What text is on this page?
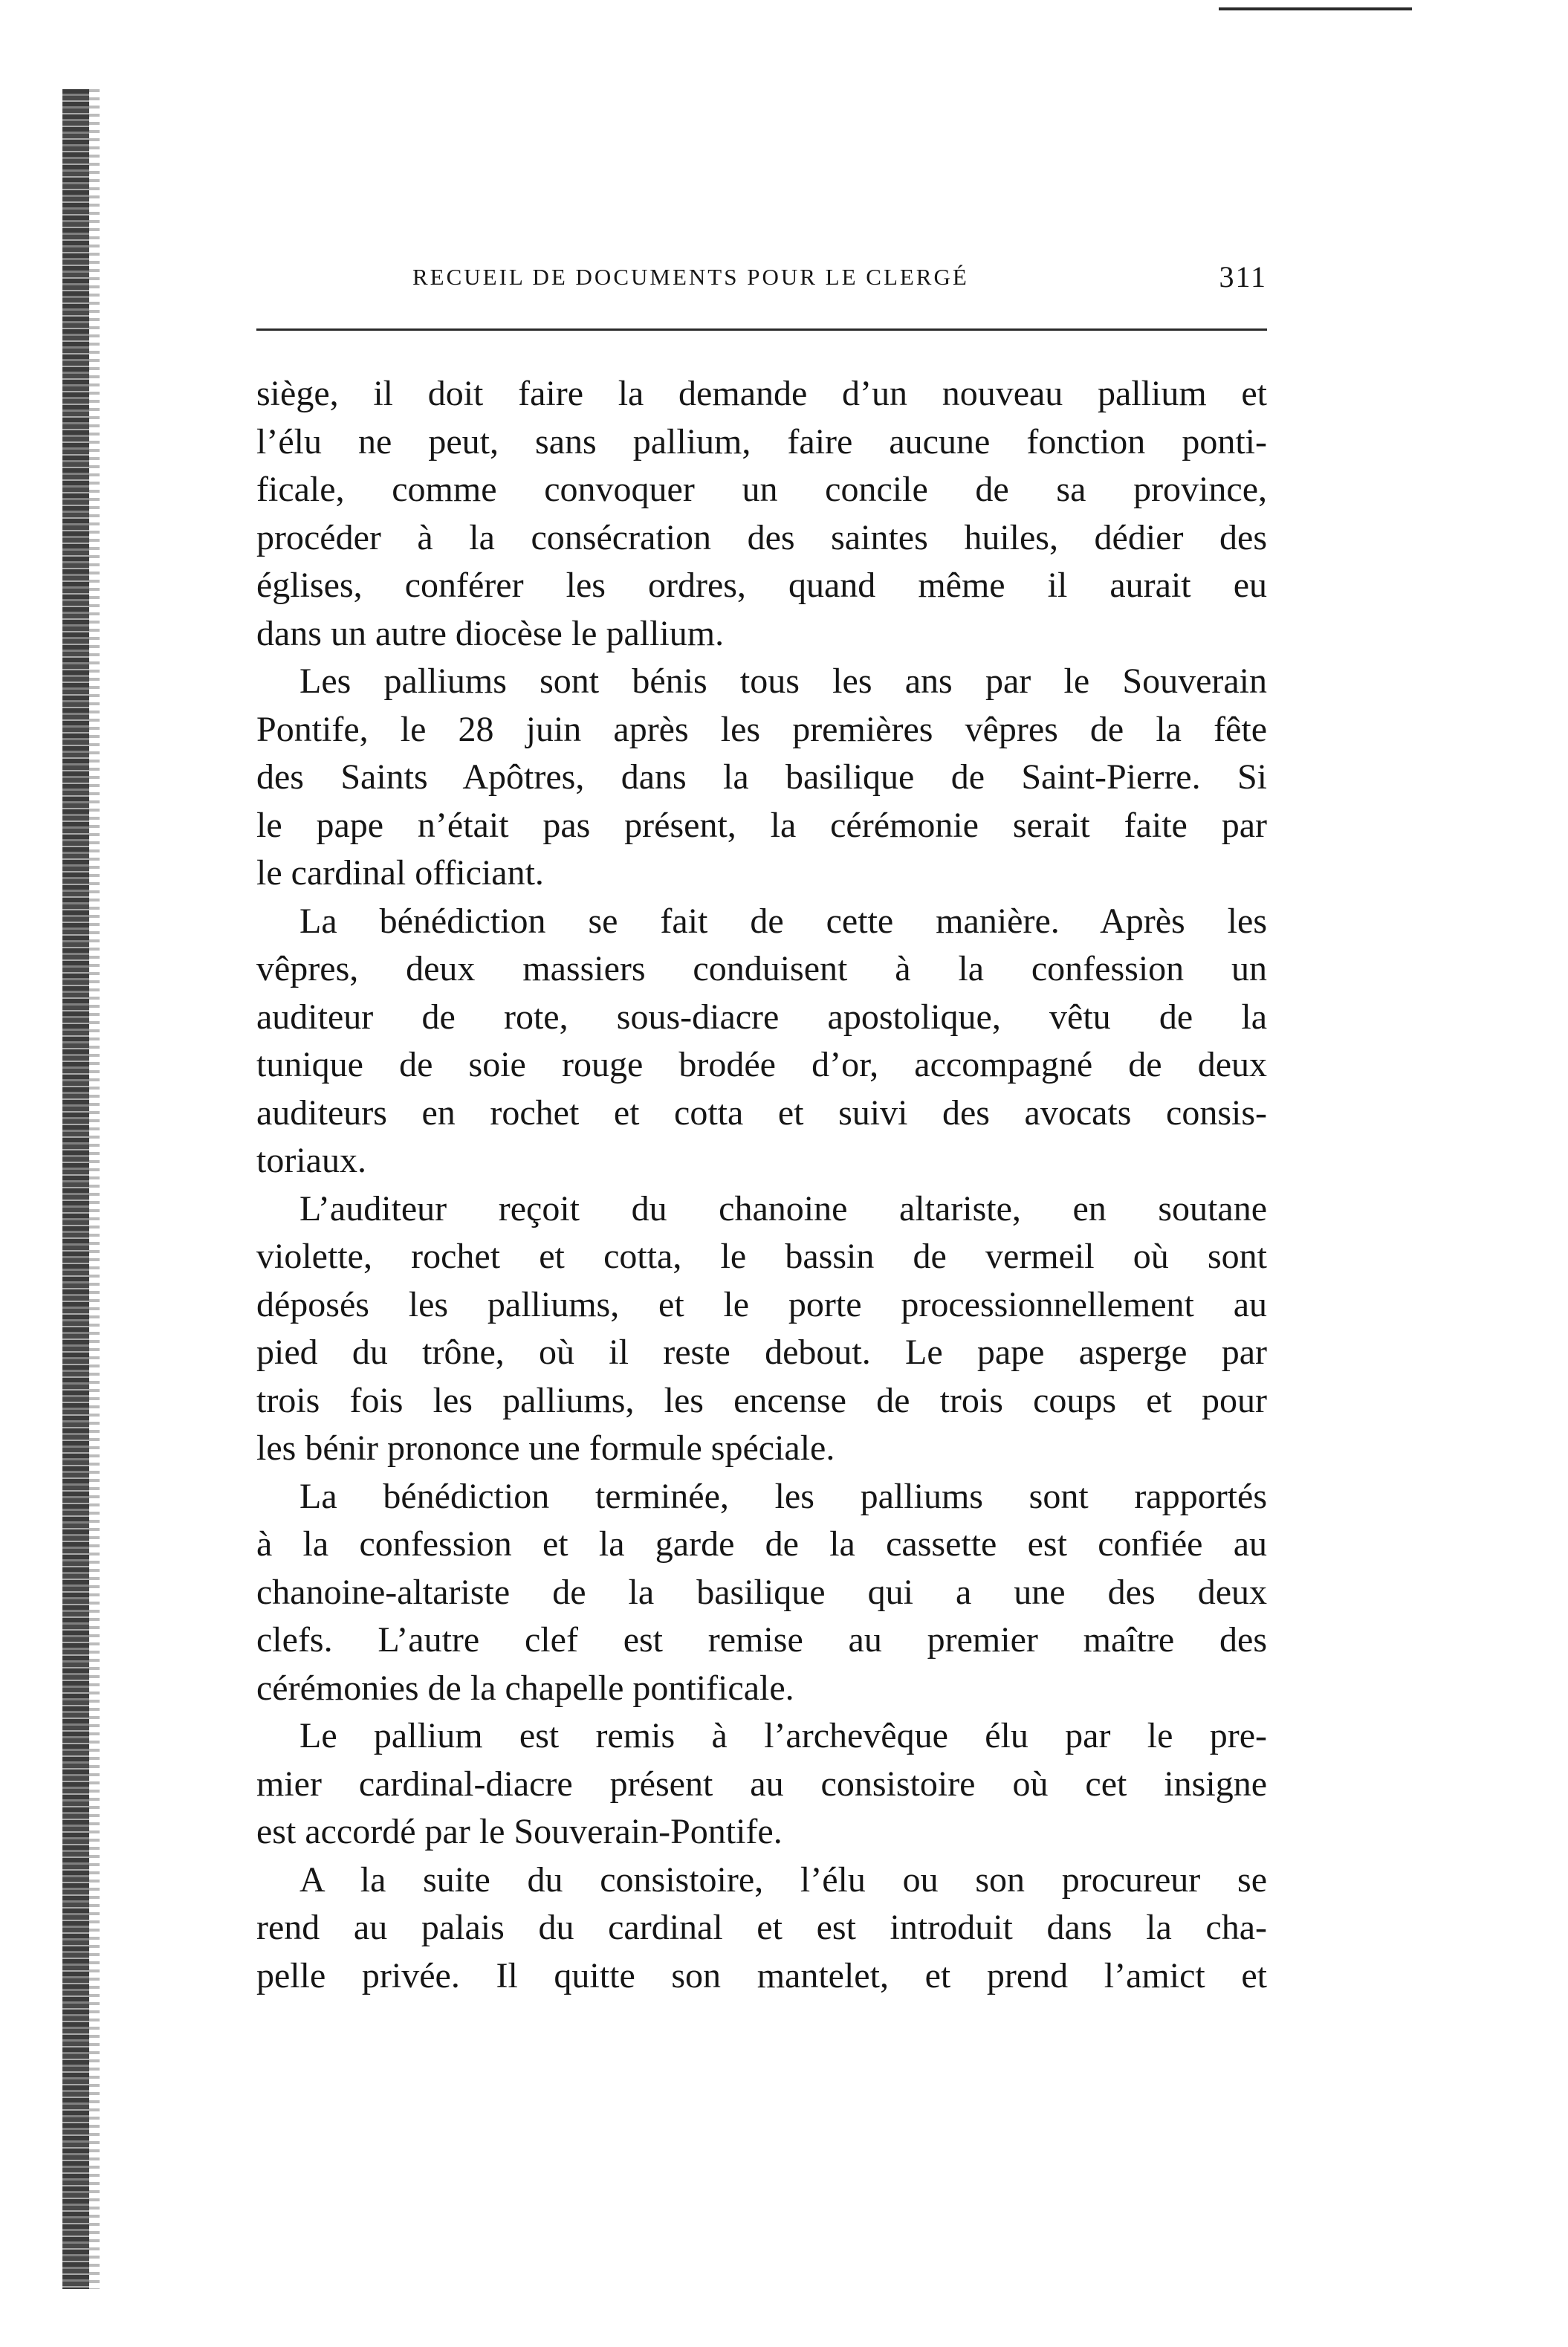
RECUEIL DE DOCUMENTS POUR LE CLERGÉ	311
siège, il doit faire la demande d’un nouveau pallium et
l’élu ne peut, sans pallium, faire aucune fonction ponti-
ficale, comme convoquer un concile de sa province,
procéder à la consécration des saintes huiles, dédier des
églises, conférer les ordres, quand même il aurait eu
dans un autre diocèse le pallium.
Les palliums sont bénis tous les ans par le Souverain
Pontife, le 28 juin après les premières vêpres de la fête
des Saints Apôtres, dans la basilique de Saint-Pierre. Si
le pape n’était pas présent, la cérémonie serait faite par
le cardinal officiant.
La bénédiction se fait de cette manière. Après les
vêpres, deux massiers conduisent à la confession un
auditeur de rote, sous-diacre apostolique, vêtu de la
tunique de soie rouge brodée d’or, accompagné de deux
auditeurs en rochet et cotta et suivi des avocats consis-
toriaux.
L’auditeur reçoit du chanoine altariste, en soutane
violette, rochet et cotta, le bassin de vermeil où sont
déposés les palliums, et le porte processionnellement au
pied du trône, où il reste debout. Le pape asperge par
trois fois les palliums, les encense de trois coups et pour
les bénir prononce une formule spéciale.
La bénédiction terminée, les palliums sont rapportés
à la confession et la garde de la cassette est confiée au
chanoine-altariste de la basilique qui a une des deux
clefs. L’autre clef est remise au premier maître des
cérémonies de la chapelle pontificale.
Le pallium est remis à l’archevêque élu par le pre-
mier cardinal-diacre présent au consistoire où cet insigne
est accordé par le Souverain-Pontife.
A la suite du consistoire, l’élu ou son procureur se
rend au palais du cardinal et est introduit dans la cha-
pelle privée. Il quitte son mantelet, et prend l’amict et
